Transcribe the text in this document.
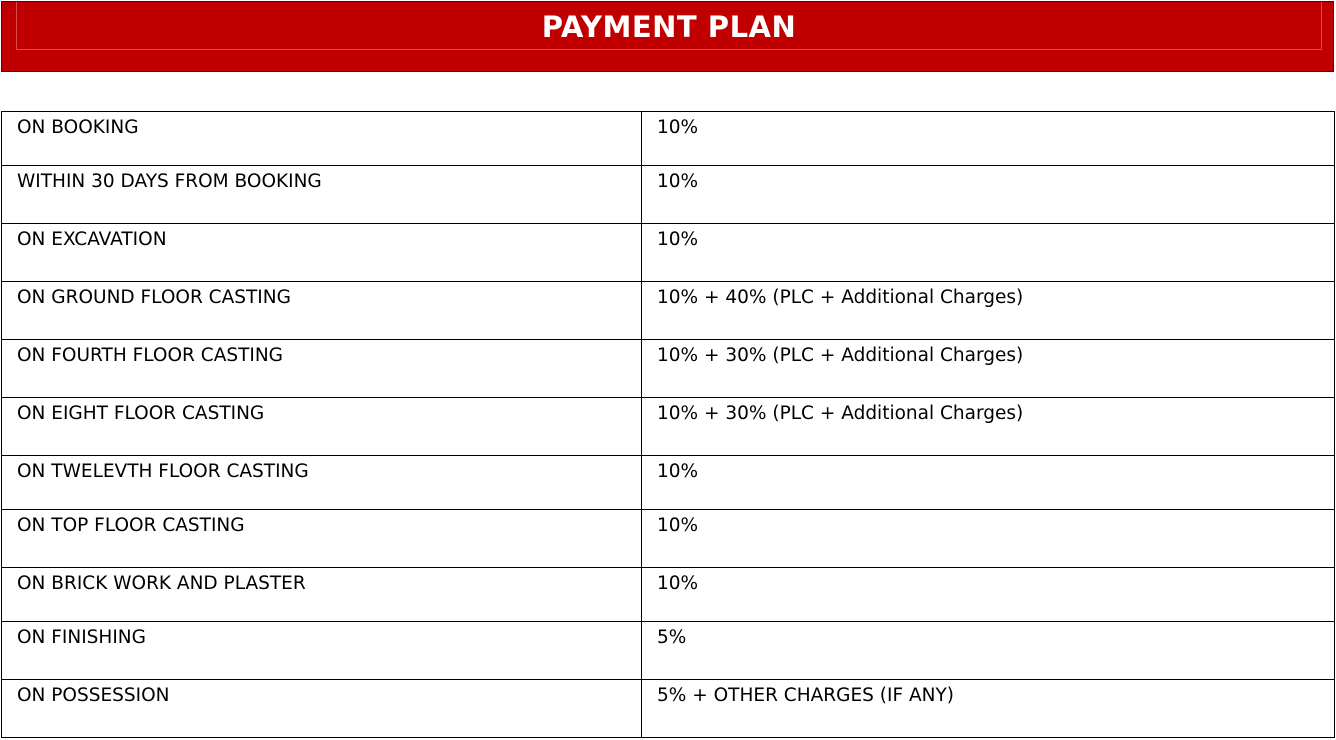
PAYMENT PLAN
ON BOOKING	10%
WITHIN 30 DAYS FROM BOOKING	10%
ON EXCAVATION	10%
ON GROUND FLOOR CASTING	10% + 40% (PLC + Additional Charges)
ON FOURTH FLOOR CASTING	10% + 30% (PLC + Additional Charges)
ON EIGHT FLOOR CASTING	10% + 30% (PLC + Additional Charges)
ON TWELEVTH FLOOR CASTING	10%
ON TOP FLOOR CASTING	10%
ON BRICK WORK AND PLASTER	10%
ON FINISHING	5%
ON POSSESSION	5% + OTHER CHARGES (IF ANY)
